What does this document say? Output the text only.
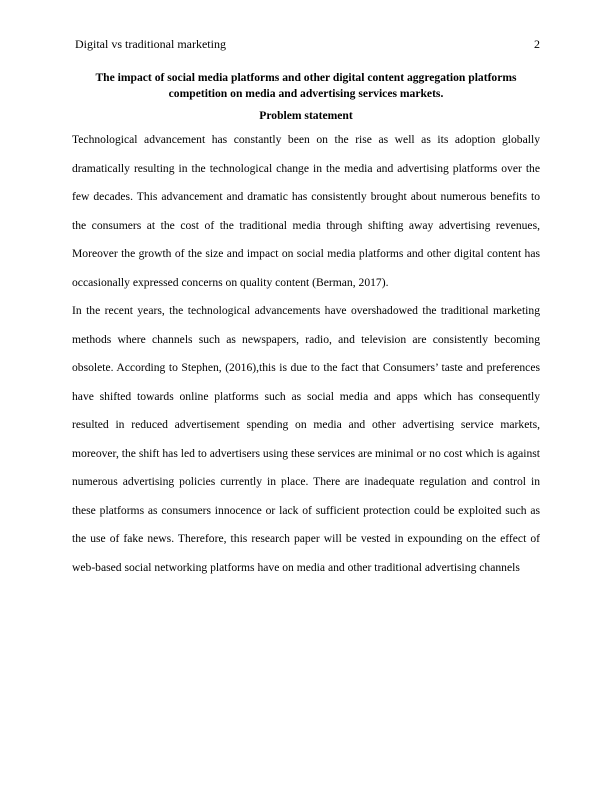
Digital vs traditional marketing	2
The impact of social media platforms and other digital content aggregation platforms competition on media and advertising services markets.
Problem statement

Technological advancement has constantly been on the rise as well as its adoption globally dramatically resulting in the technological change in the media and advertising platforms over the few decades. This advancement and dramatic has consistently brought about numerous benefits to the consumers at the cost of the traditional media through shifting away advertising revenues, Moreover the growth of the size and impact on social media platforms and other digital content has occasionally expressed concerns on quality content (Berman, 2017).

In the recent years, the technological advancements have overshadowed the traditional marketing methods where channels such as newspapers, radio, and television are consistently becoming obsolete. According to Stephen, (2016),this is due to the fact that Consumers’ taste and preferences have shifted towards online platforms such as social media and apps which has consequently resulted in reduced advertisement spending on media and other advertising service markets, moreover, the shift has led to advertisers using these services are minimal or no cost which is against numerous advertising policies currently in place. There are inadequate regulation and control in these platforms as consumers innocence or lack of sufficient protection could be exploited such as the use of fake news. Therefore, this research paper will be vested in expounding on the effect of web-based social networking platforms have on media and other traditional advertising channels
